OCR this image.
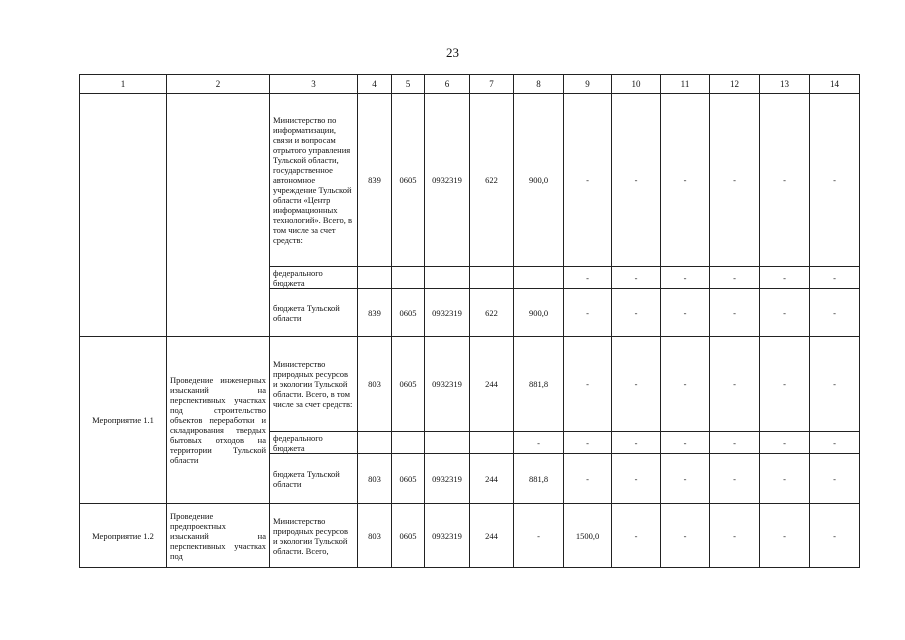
23
1	2	3	4	5	6	7	8	9	10	11	12	13	14
		Министерство по информатизации, связи и вопросам отрытого управления Тульской области, государственное автономное учреждение Тульской области «Центр информационных технологий». Всего, в том числе за счет средств:	839	0605	0932319	622	900,0	-	-	-	-	-	-
		федерального бюджета						-	-	-	-	-	-
		бюджета Тульской области	839	0605	0932319	622	900,0	-	-	-	-	-	-
Мероприятие 1.1	Проведение инженерных изысканий на перспективных участках под строительство объектов переработки и складирования твердых бытовых отходов на территории Тульской области	Министерство природных ресурсов и экологии Тульской области. Всего, в том числе за счет средств:	803	0605	0932319	244	881,8	-	-	-	-	-	-
		федерального бюджета					-	-	-	-	-	-	-
		бюджета Тульской области	803	0605	0932319	244	881,8	-	-	-	-	-	-
Мероприятие 1.2	Проведение предпроектных изысканий на перспективных участках под	Министерство природных ресурсов и экологии Тульской области. Всего,	803	0605	0932319	244	-	1500,0	-	-	-	-	-
